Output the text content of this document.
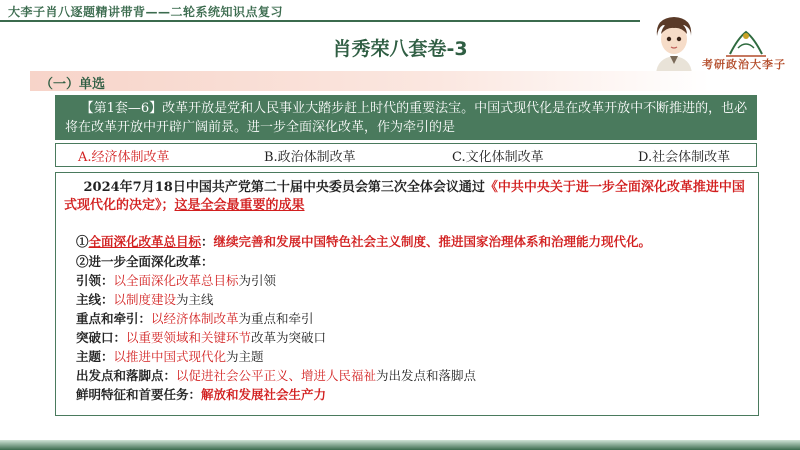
大李子肖八逐题精讲带背——二轮系统知识点复习
肖秀荣八套卷-3
考研政治大李子
（一）单选
【第1套—6】改革开放是党和人民事业大踏步赶上时代的重要法宝。中国式现代化是在改革开放中不断推进的，也必将在改革开放中开辟广阔前景。进一步全面深化改革，作为牵引的是
A.经济体制改革	B.政治体制改革	C.文化体制改革	D.社会体制改革
2024年7月18日中国共产党第二十届中央委员会第三次全体会议通过《中共中央关于进一步全面深化改革推进中国式现代化的决定》；这是全会最重要的成果
①全面深化改革总目标：继续完善和发展中国特色社会主义制度、推进国家治理体系和治理能力现代化。
②进一步全面深化改革：
引领：以全面深化改革总目标为引领
主线：以制度建设为主线
重点和牵引：以经济体制改革为重点和牵引
突破口：以重要领域和关键环节改革为突破口
主题：以推进中国式现代化为主题
出发点和落脚点：以促进社会公平正义、增进人民福祉为出发点和落脚点
鲜明特征和首要任务：解放和发展社会生产力
